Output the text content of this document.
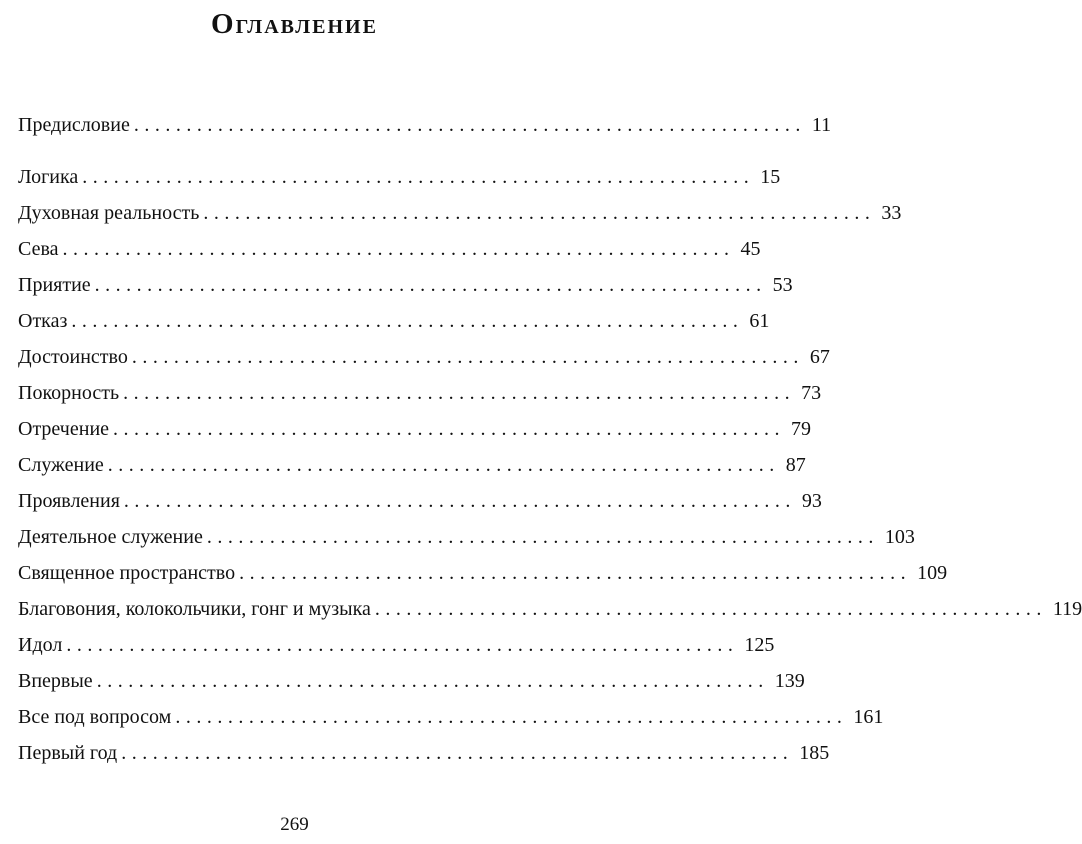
Оглавление
Предисловие ................................................................ 11
Логика ................................................................ 15
Духовная реальность ................................................................ 33
Сева ................................................................ 45
Приятие ................................................................ 53
Отказ ................................................................ 61
Достоинство ................................................................ 67
Покорность ................................................................ 73
Отречение ................................................................ 79
Служение ................................................................ 87
Проявления ................................................................ 93
Деятельное служение ................................................................ 103
Священное пространство ................................................................ 109
Благовония, колокольчики, гонг и музыка ................................................................ 119
Идол ................................................................ 125
Впервые ................................................................ 139
Все под вопросом ................................................................ 161
Первый год ................................................................ 185
269
